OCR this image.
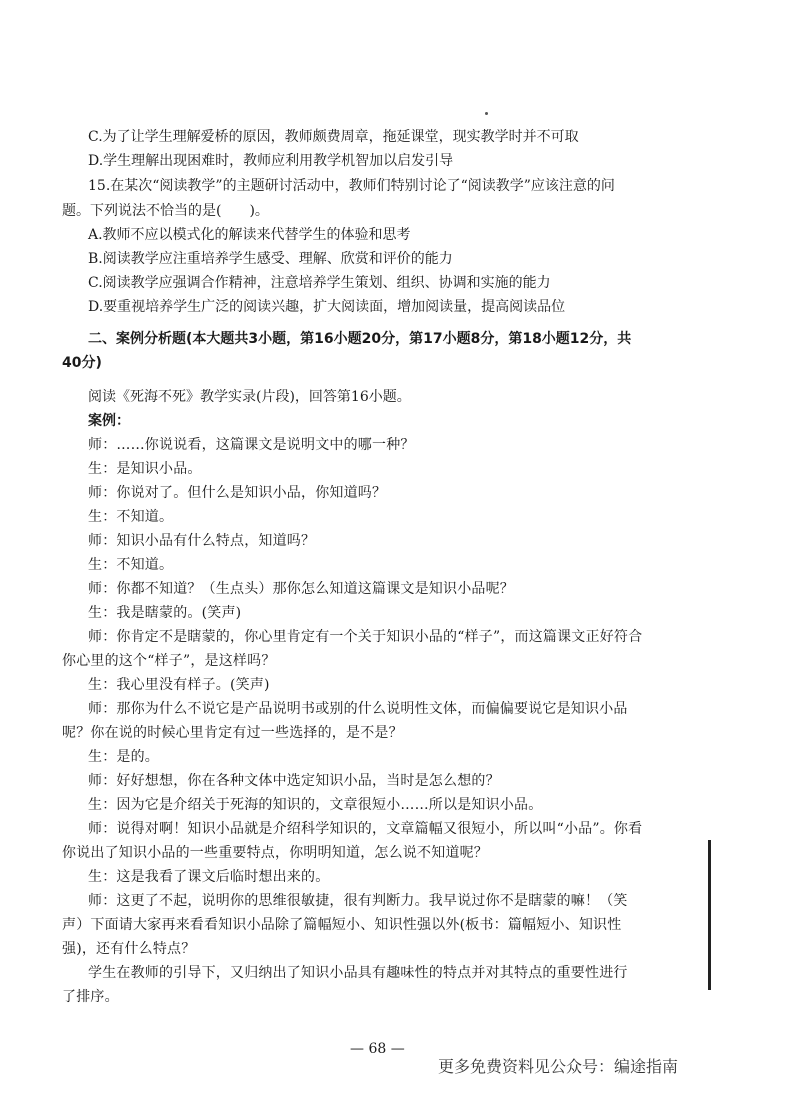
C.为了让学生理解爱桥的原因，教师颇费周章，拖延课堂，现实教学时并不可取
D.学生理解出现困难时，教师应利用教学机智加以启发引导
15.在某次“阅读教学”的主题研讨活动中，教师们特别讨论了“阅读教学”应该注意的问
题。下列说法不恰当的是(　　)。
A.教师不应以模式化的解读来代替学生的体验和思考
B.阅读教学应注重培养学生感受、理解、欣赏和评价的能力
C.阅读教学应强调合作精神，注意培养学生策划、组织、协调和实施的能力
D.要重视培养学生广泛的阅读兴趣，扩大阅读面，增加阅读量，提高阅读品位
二、案例分析题(本大题共3小题，第16小题20分，第17小题8分，第18小题12分，共
40分)
阅读《死海不死》教学实录(片段)，回答第16小题。
案例：
师：……你说说看，这篇课文是说明文中的哪一种？
生：是知识小品。
师：你说对了。但什么是知识小品，你知道吗？
生：不知道。
师：知识小品有什么特点，知道吗？
生：不知道。
师：你都不知道？（生点头）那你怎么知道这篇课文是知识小品呢？
生：我是瞎蒙的。(笑声)
师：你肯定不是瞎蒙的，你心里肯定有一个关于知识小品的“样子”，而这篇课文正好符合
你心里的这个“样子”，是这样吗？
生：我心里没有样子。(笑声)
师：那你为什么不说它是产品说明书或别的什么说明性文体，而偏偏要说它是知识小品
呢？你在说的时候心里肯定有过一些选择的，是不是？
生：是的。
师：好好想想，你在各种文体中选定知识小品，当时是怎么想的？
生：因为它是介绍关于死海的知识的，文章很短小……所以是知识小品。
师：说得对啊！知识小品就是介绍科学知识的，文章篇幅又很短小，所以叫“小品”。你看
你说出了知识小品的一些重要特点，你明明知道，怎么说不知道呢？
生：这是我看了课文后临时想出来的。
师：这更了不起，说明你的思维很敏捷，很有判断力。我早说过你不是瞎蒙的嘛！（笑
声）下面请大家再来看看知识小品除了篇幅短小、知识性强以外(板书：篇幅短小、知识性
强)，还有什么特点？
学生在教师的引导下，又归纳出了知识小品具有趣味性的特点并对其特点的重要性进行
了排序。
— 68 —
更多免费资料见公众号：编途指南
